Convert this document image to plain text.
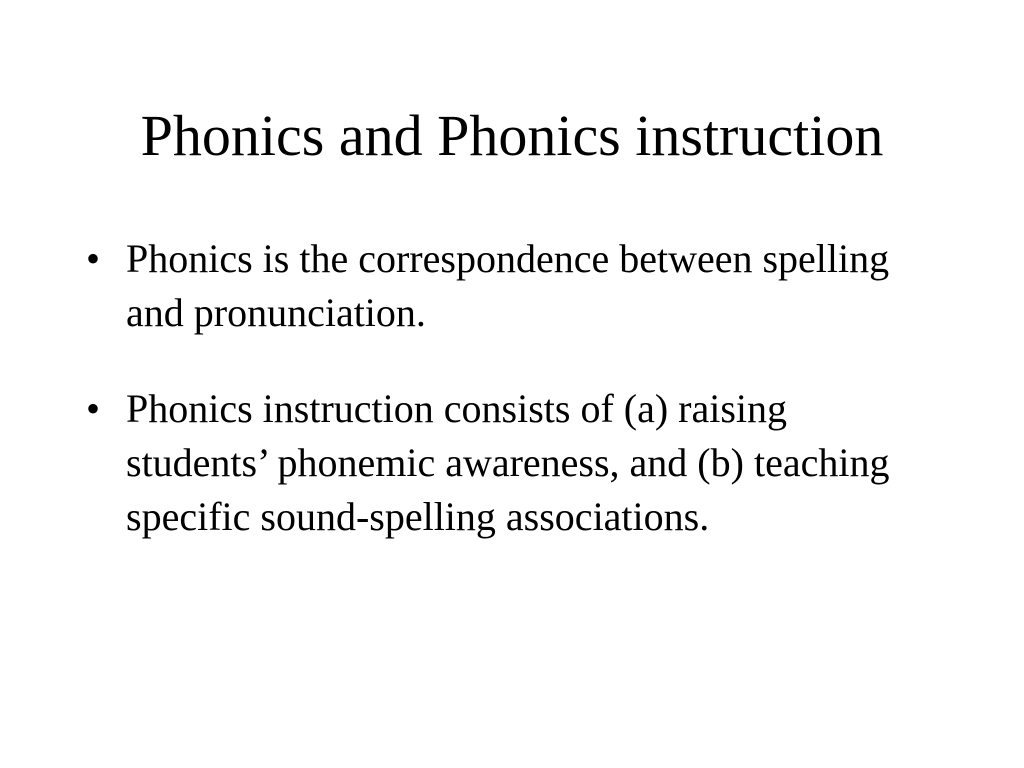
Phonics and Phonics instruction
• Phonics is the correspondence between spelling and pronunciation.
• Phonics instruction consists of (a) raising students’ phonemic awareness, and (b) teaching specific sound-spelling associations.
